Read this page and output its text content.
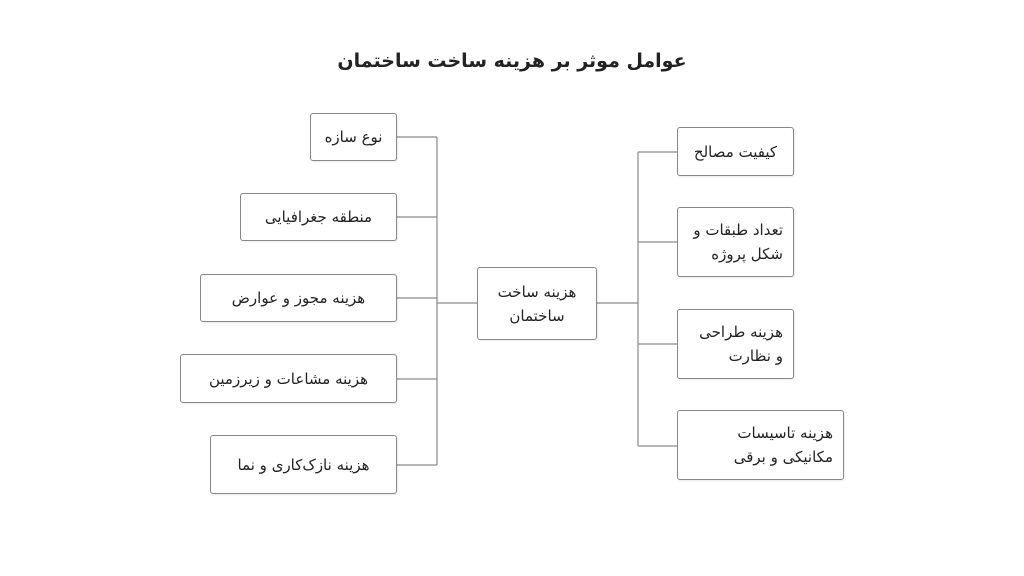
عوامل موثر بر هزینه ساخت ساختمان
هزینه ساخت ساختمان
نوع سازه
منطقه جغرافیایی
هزینه مجوز و عوارض
هزینه مشاعات و زیرزمین
هزینه نازک‌کاری و نما
کیفیت مصالح
تعداد طبقات و شکل پروژه
هزینه طراحی و نظارت
هزینه تاسیسات مکانیکی و برقی
